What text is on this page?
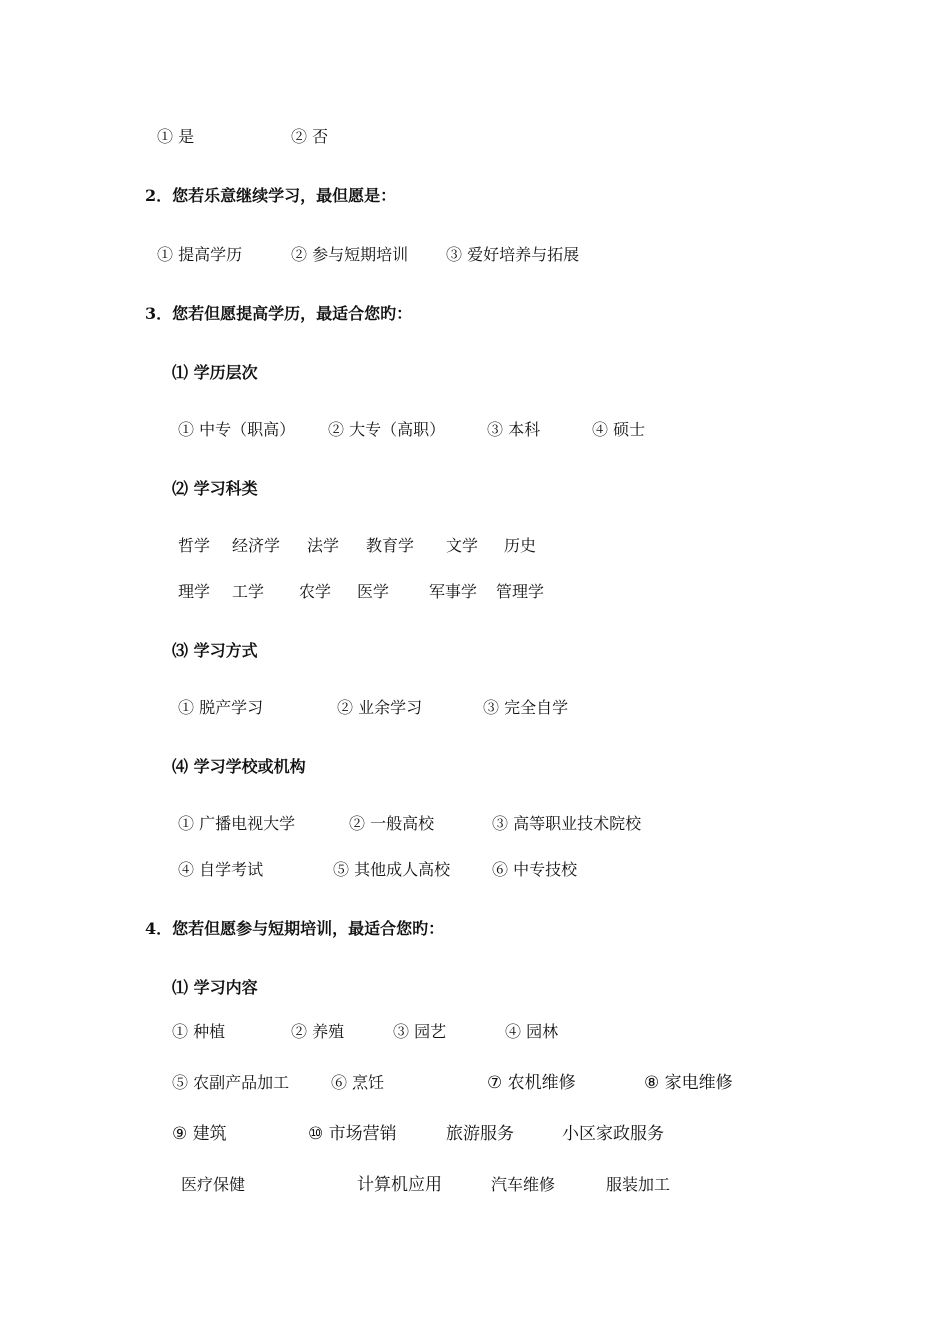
① 是	② 否
2．您若乐意继续学习，最但愿是：
① 提高学历	② 参与短期培训 ③ 爱好培养与拓展
3．您若但愿提高学历，最适合您旳：
⑴ 学历层次
① 中专（职高） ② 大专（高职）	③ 本科	④ 硕士
⑵ 学习科类
哲学 经济学 法学 教育学 文学 历史
理学 工学 农学 医学 军事学 管理学
⑶ 学习方式
① 脱产学习	② 业余学习	③ 完全自学
⑷ 学习学校或机构
① 广播电视大学	② 一般高校	③ 高等职业技术院校
④ 自学考试	⑤ 其他成人高校	⑥ 中专技校
4．您若但愿参与短期培训，最适合您旳：
⑴ 学习内容
① 种植	② 养殖	③ 园艺	④ 园林
⑤ 农副产品加工	⑥ 烹饪	⑦ 农机维修	⑧ 家电维修
⑨ 建筑	⑩ 市场营销	旅游服务	小区家政服务
医疗保健	计算机应用	汽车维修	服装加工
